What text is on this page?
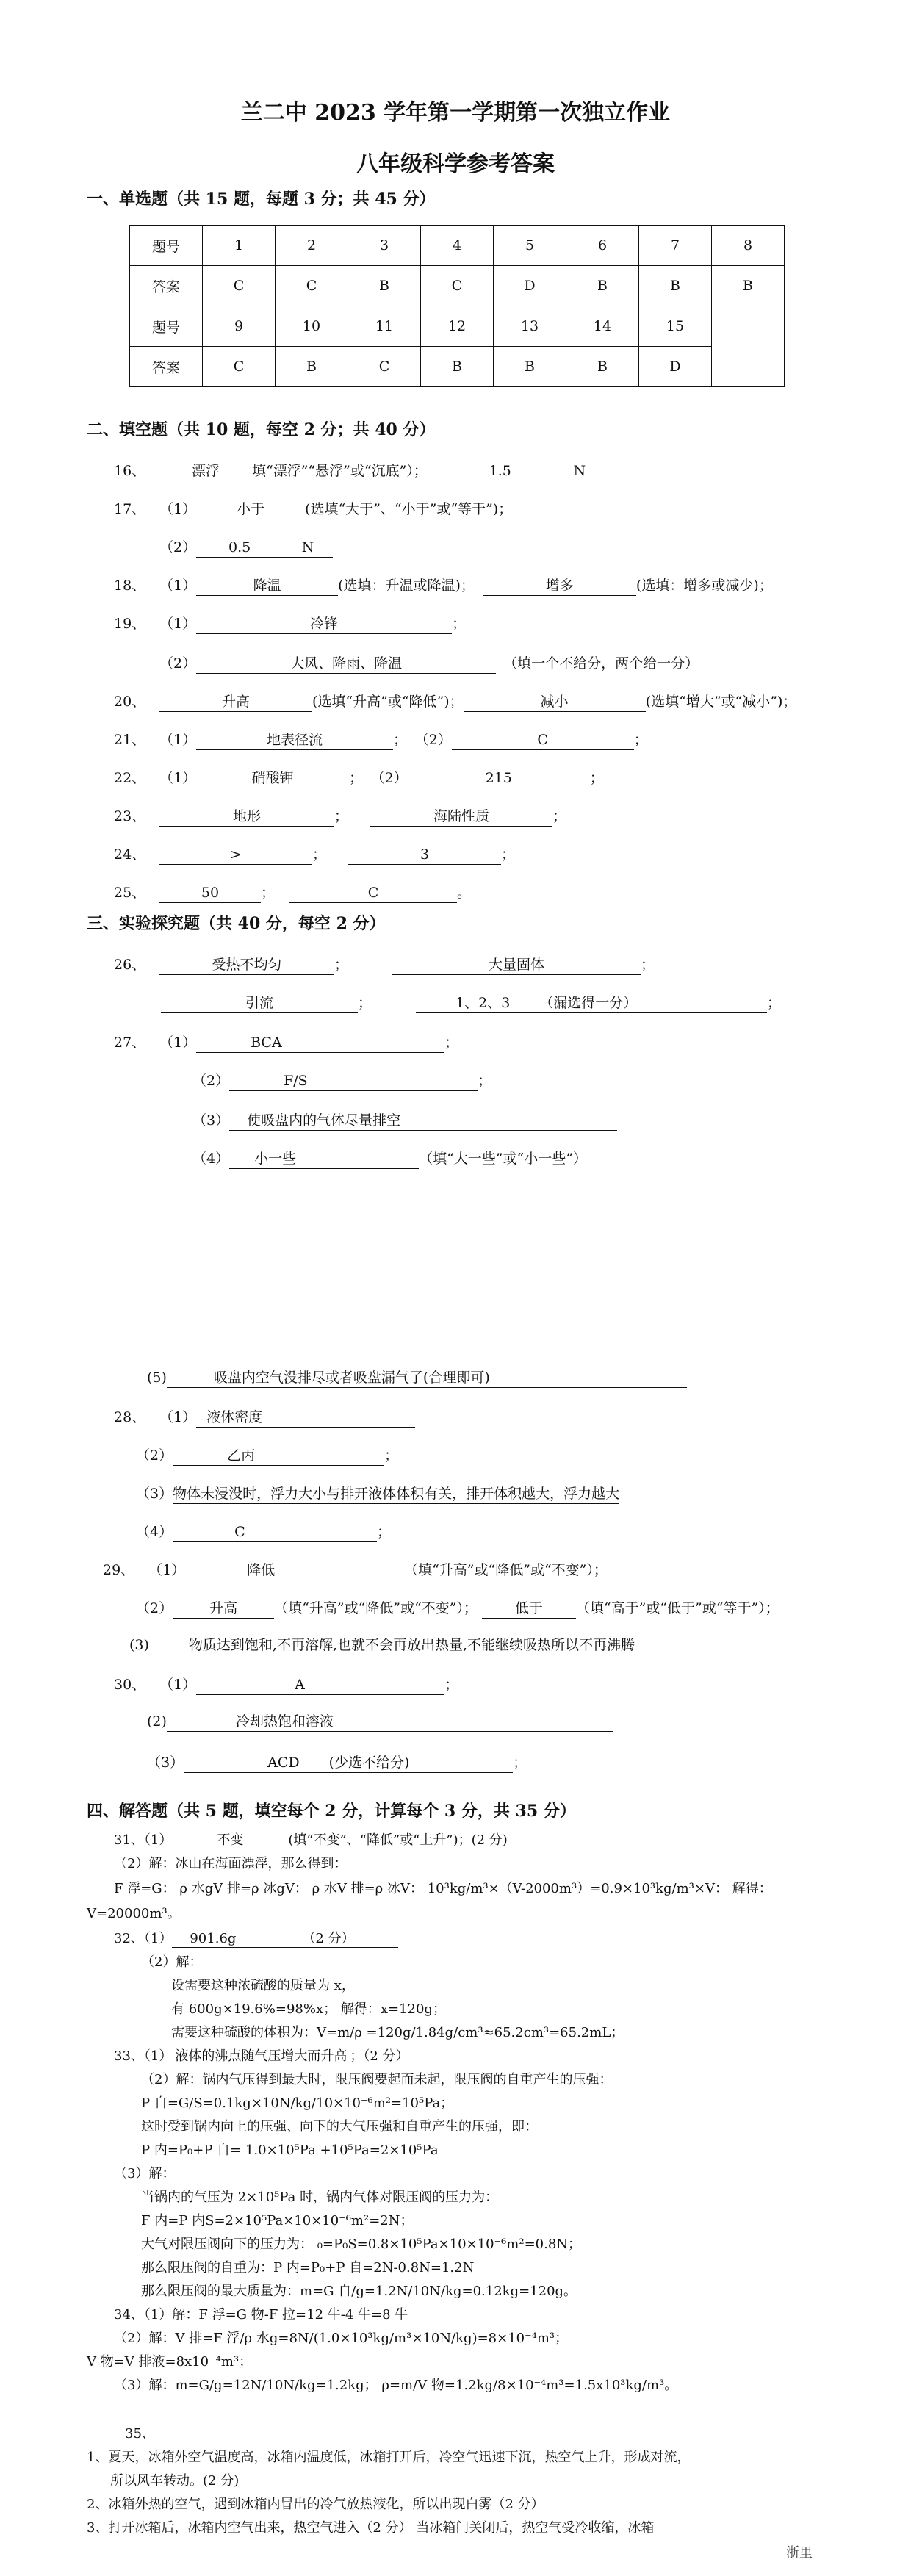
兰二中 2023 学年第一学期第一次独立作业
八年级科学参考答案
一、单选题（共 15 题，每题 3 分；共 45 分）
题号	1	2	3	4	5	6	7	8
答案	C	C	B	C	D	B	B	B
题号	9	10	11	12	13	14	15	
答案	C	B	C	B	B	B	D	
二、填空题（共 10 题，每空 2 分；共 40 分）
16、	漂浮 填“漂浮”“悬浮”或“沉底”）；	1.5	N
17、 （1）	小于	(选填“大于”、“小于”或“等于”)；
（2） 0.5	N
18、 （1）	降温	(选填：升温或降温)；	增多	(选填：增多或减少)；
19、 （1）	冷锋	；
（2）	大风、降雨、降温	（填一个不给分，两个给一分）
20、	升高	(选填“升高”或“降低”)；	减小	(选填“增大”或“减小”)；
21、 （1）	地表径流	； （2）	C	；
22、 （1）	硝酸钾	； （2）	215	；
23、	地形	；	海陆性质	；
24、	>	；	3	；
25、	50	；	C	。
三、实验探究题（共 40 分，每空 2 分）
26、	受热不均匀	；	大量固体	；
引流	；	1、2、3 （漏选得一分）	；
27、 （1）	BCA	；
（2）	F/S	；
（3） 使吸盘内的气体尽量排空
（4） 小一些	（填“大一些”或“小一些”）
(5)	吸盘内空气没排尽或者吸盘漏气了(合理即可)
28、 （1） 液体密度
（2）	乙丙	；
（3）物体未浸没时，浮力大小与排开液体体积有关，排开体积越大，浮力越大
（4）	C	；
29、 （1）	降低	（填“升高”或“降低”或“不变”）；
（2）	升高	（填“升高”或“降低”或“不变”）；	低于 （填“高于”或“低于”或“等于”）；
(3)	物质达到饱和,不再溶解,也就不会再放出热量,不能继续吸热所以不再沸腾
30、 （1）	A	；
(2)	冷却热饱和溶液
（3）	ACD (少选不给分)	；
四、解答题（共 5 题，填空每个 2 分，计算每个 3 分，共 35 分）
31、（1）	不变	(填“不变”、“降低”或“上升”)；(2 分)
（2）解：冰山在海面漂浮，那么得到：
F 浮=G： ρ 水gV 排=ρ 冰gV： ρ 水V 排=ρ 冰V： 10³kg/m³×（V-2000m³）=0.9×10³kg/m³×V： 解得：
V=20000m³。
32、（1） 901.6g	（2 分）
（2）解：
设需要这种浓硫酸的质量为 x，
有 600g×19.6%=98%x； 解得：x=120g；
需要这种硫酸的体积为：V=m/ρ =120g/1.84g/cm³≈65.2cm³=65.2mL；
33、（1） 液体的沸点随气压增大而升高 ；（2 分）
（2）解：锅内气压得到最大时，限压阀要起而未起，限压阀的自重产生的压强：
P 自=G/S=0.1kg×10N/kg/10×10⁻⁶m²=10⁵Pa；
这时受到锅内向上的压强、向下的大气压强和自重产生的压强，即：
P 内=P₀+P 自= 1.0×10⁵Pa +10⁵Pa=2×10⁵Pa
（3）解：
当锅内的气压为 2×10⁵Pa 时，锅内气体对限压阀的压力为：
F 内=P 内S=2×10⁵Pa×10×10⁻⁶m²=2N；
大气对限压阀向下的压力为： ₀=P₀S=0.8×10⁵Pa×10×10⁻⁶m²=0.8N；
那么限压阀的自重为：P 内=P₀+P 自=2N-0.8N=1.2N
那么限压阀的最大质量为：m=G 自/g=1.2N/10N/kg=0.12kg=120g。
34、（1）解：F 浮=G 物-F 拉=12 牛-4 牛=8 牛
（2）解：V 排=F 浮/ρ 水g=8N/(1.0×10³kg/m³×10N/kg)=8×10⁻⁴m³；
V 物=V 排液=8x10⁻⁴m³；
（3）解：m=G/g=12N/10N/kg=1.2kg； ρ=m/V 物=1.2kg/8×10⁻⁴m³=1.5x10³kg/m³。
35、
1、夏天，冰箱外空气温度高，冰箱内温度低，冰箱打开后，冷空气迅速下沉，热空气上升，形成对流，
所以风车转动。(2 分)
2、冰箱外热的空气，遇到冰箱内冒出的冷气放热液化，所以出现白雾（2 分）
3、打开冰箱后，冰箱内空气出来，热空气进入（2 分） 当冰箱门关闭后，热空气受冷收缩，冰箱
浙里
